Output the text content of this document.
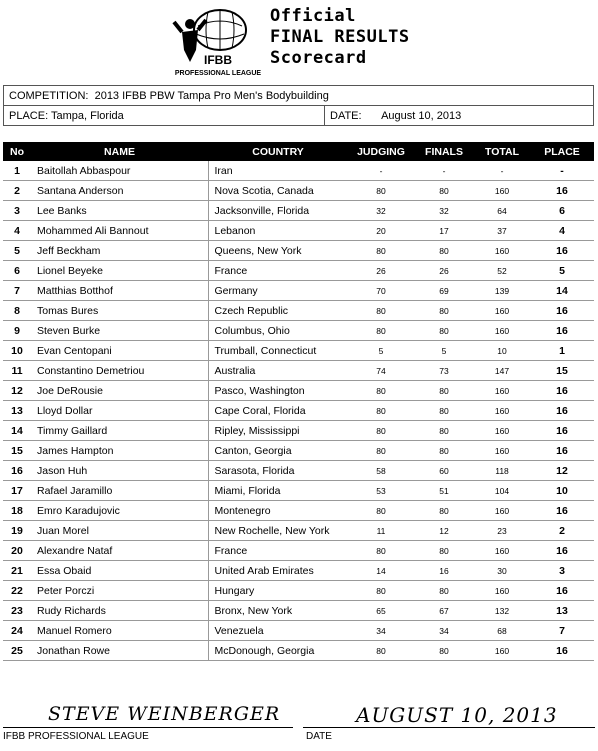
IFBB
PROFESSIONAL LEAGUE
Official
FINAL RESULTS
Scorecard
COMPETITION: 2013 IFBB PBW Tampa Pro Men's Bodybuilding
PLACE: Tampa, Florida	DATE: August 10, 2013
No	NAME	COUNTRY	JUDGING	FINALS	TOTAL	PLACE
1	Baitollah Abbaspour	Iran	-	-	-	-
2	Santana Anderson	Nova Scotia, Canada	80	80	160	16
3	Lee Banks	Jacksonville, Florida	32	32	64	6
4	Mohammed Ali Bannout	Lebanon	20	17	37	4
5	Jeff Beckham	Queens, New York	80	80	160	16
6	Lionel Beyeke	France	26	26	52	5
7	Matthias Botthof	Germany	70	69	139	14
8	Tomas Bures	Czech Republic	80	80	160	16
9	Steven Burke	Columbus, Ohio	80	80	160	16
10	Evan Centopani	Trumball, Connecticut	5	5	10	1
11	Constantino Demetriou	Australia	74	73	147	15
12	Joe DeRousie	Pasco, Washington	80	80	160	16
13	Lloyd Dollar	Cape Coral, Florida	80	80	160	16
14	Timmy Gaillard	Ripley, Mississippi	80	80	160	16
15	James Hampton	Canton, Georgia	80	80	160	16
16	Jason Huh	Sarasota, Florida	58	60	118	12
17	Rafael Jaramillo	Miami, Florida	53	51	104	10
18	Emro Karadujovic	Montenegro	80	80	160	16
19	Juan Morel	New Rochelle, New York	11	12	23	2
20	Alexandre Nataf	France	80	80	160	16
21	Essa Obaid	United Arab Emirates	14	16	30	3
22	Peter Porczi	Hungary	80	80	160	16
23	Rudy Richards	Bronx, New York	65	67	132	13
24	Manuel Romero	Venezuela	34	34	68	7
25	Jonathan Rowe	McDonough, Georgia	80	80	160	16
STEVE WEINBERGER
IFBB PROFESSIONAL LEAGUE
AUGUST 10, 2013
DATE
